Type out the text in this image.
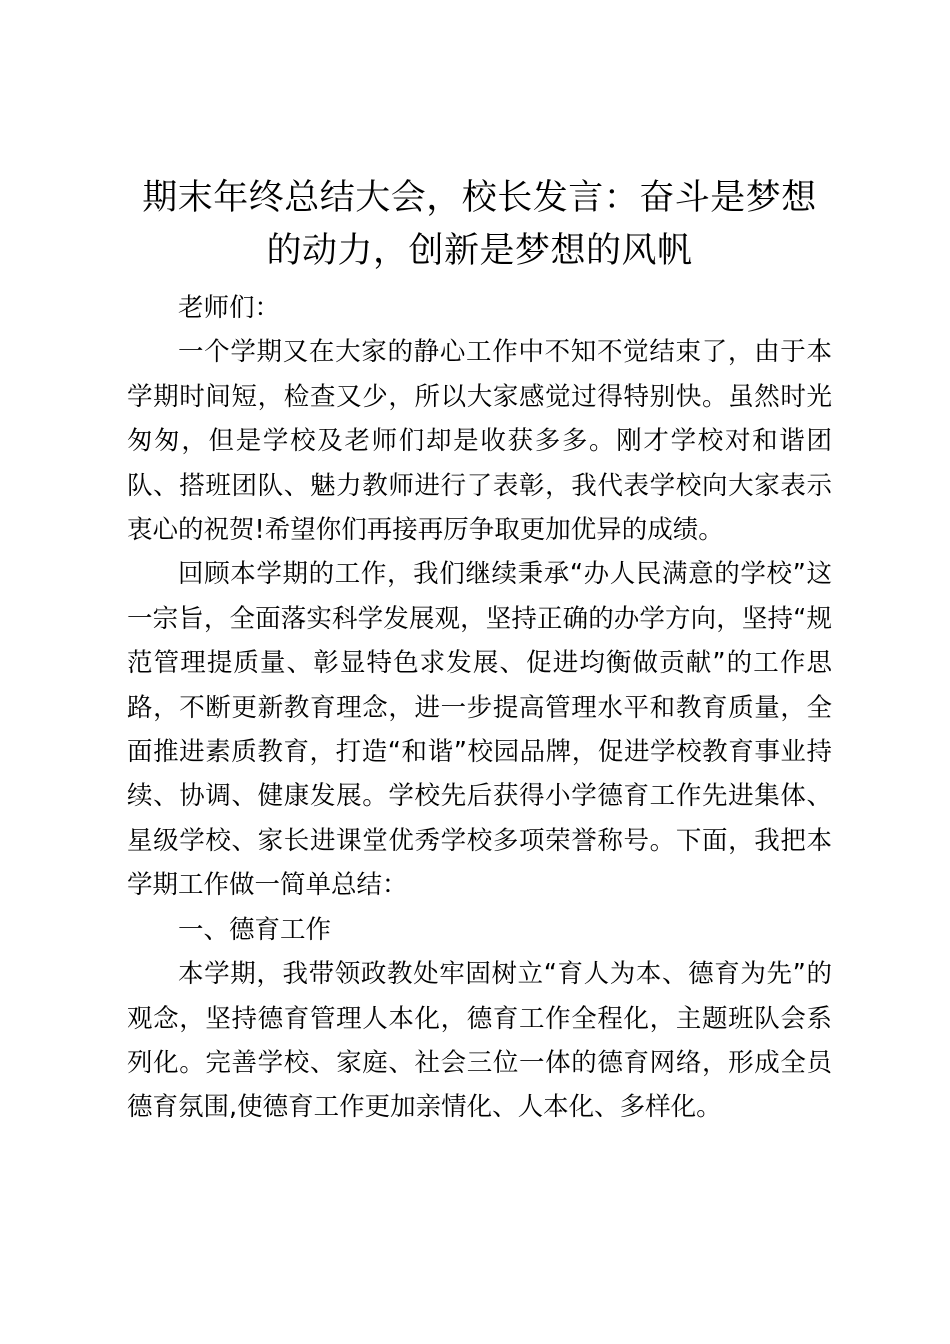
期末年终总结大会，校长发言：奋斗是梦想的动力，创新是梦想的风帆

老师们：

一个学期又在大家的静心工作中不知不觉结束了，由于本学期时间短，检查又少，所以大家感觉过得特别快。虽然时光匆匆，但是学校及老师们却是收获多多。刚才学校对和谐团队、搭班团队、魅力教师进行了表彰，我代表学校向大家表示衷心的祝贺!希望你们再接再厉争取更加优异的成绩。

回顾本学期的工作，我们继续秉承“办人民满意的学校”这一宗旨，全面落实科学发展观，坚持正确的办学方向，坚持“规范管理提质量、彰显特色求发展、促进均衡做贡献”的工作思路，不断更新教育理念，进一步提高管理水平和教育质量，全面推进素质教育，打造“和谐”校园品牌，促进学校教育事业持续、协调、健康发展。学校先后获得小学德育工作先进集体、星级学校、家长进课堂优秀学校多项荣誉称号。下面，我把本学期工作做一简单总结：

一、德育工作

本学期，我带领政教处牢固树立“育人为本、德育为先”的观念，坚持德育管理人本化，德育工作全程化，主题班队会系列化。完善学校、家庭、社会三位一体的德育网络，形成全员德育氛围,使德育工作更加亲情化、人本化、多样化。
